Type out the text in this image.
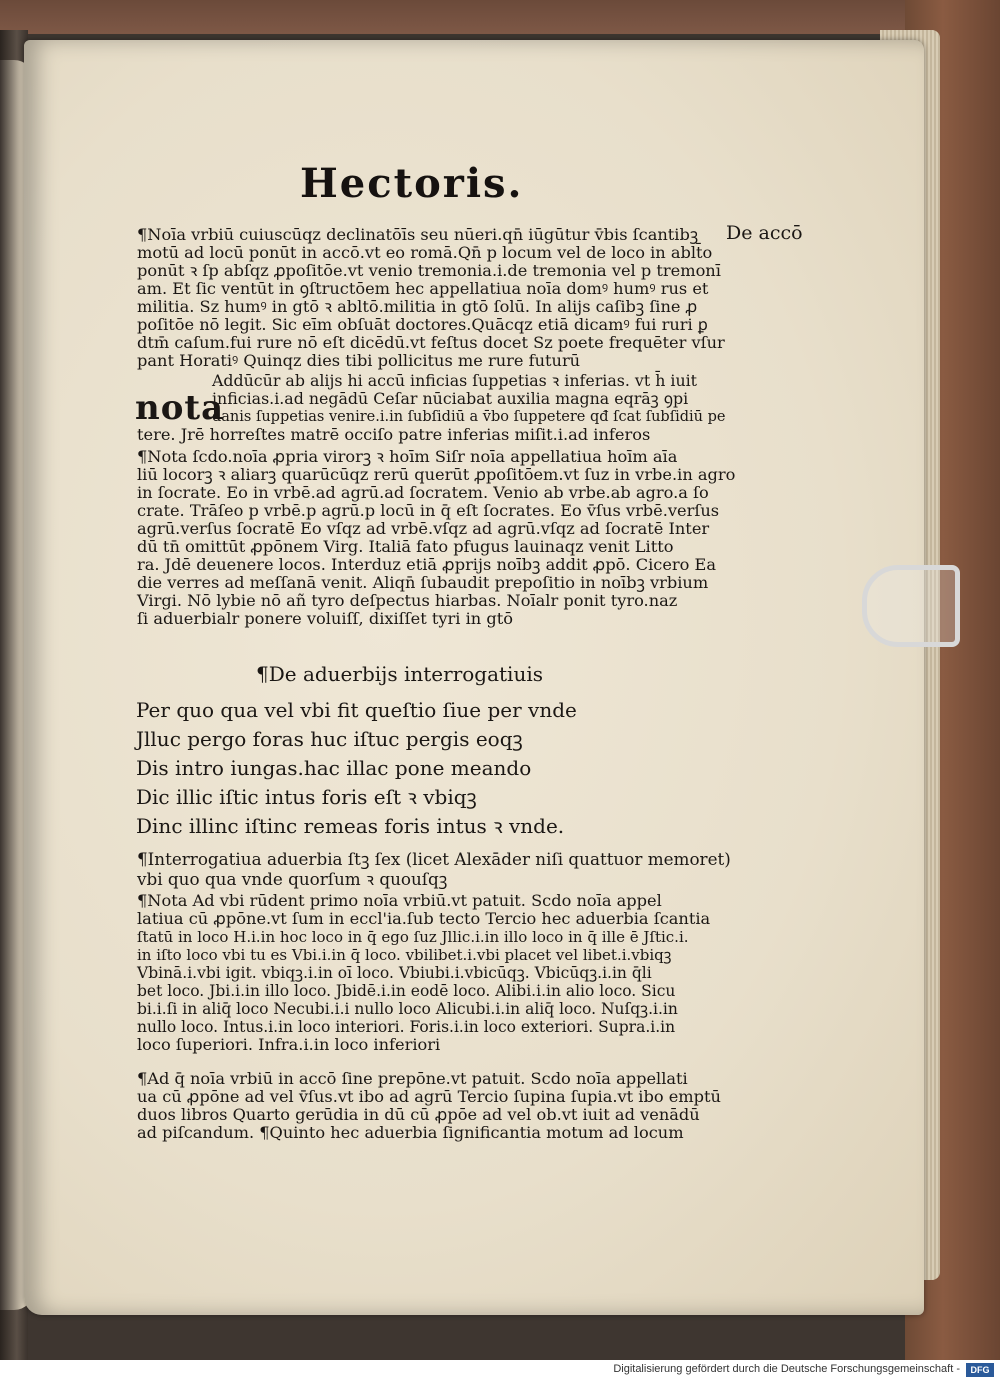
Hectoris.
De accō
¶Noīa vrbiū cuiuscūqz declinatōīs seu nūeri.qn̄ iūgūtur v̄bis ſcantibꝫ
motū ad locū ponūt in accō.vt eo romā.Qn̄ p locum vel de loco in ablt̄o
ponūt ꝛ ſp abſqz ꝓpoſitōe.vt venio tremonia.i.de tremonia vel p tremonī
am. Et ſic ventūt in ꝯſtructōem hec appellatiua noīa domꝰ humꝰ rus et
militia. Sz humꝰ in gtō ꝛ abltō.militia in gtō ſolū. In alijs caſibꝫ ſine ꝓ
poſitōe nō legit. Sic eīm obſuāt doctores.Quācqz etiā dicamꝰ fui ruri ꝑ
dtm̄ caſum.fui rure nō eſt dicēdū.vt feſtus docet Sz poete frequēter vſur
pant Horatiꝰ Quinqz dies tibi pollicitus me rure futurū
nota
Addūcūr ab alijs hi accū inficias ſuppetias ꝛ inferias. vt h̄ iuit
inficias.i.ad negādū Ceſar nūciabat auxilia magna eqrāꝫ ꝯpi
danis ſuppetias venire.i.in ſubſidiū a v̄bo ſuppetere qđ ſcat ſubſidiū pe
tere. Jrē horreſtes matrē occiſo patre inferias miſit.i.ad inferos
¶Nota ſcdo.noīa ꝓpria virorꝫ ꝛ hoīm Siſr noīa appellatiua hoīm aīa
liū locorꝫ ꝛ aliarꝫ quarūcūqz rerū querūt ꝓpoſitōem.vt ſuz in vrbe.in agro
in ſocrate. Eo in vrbē.ad agrū.ad ſocratem. Venio ab vrbe.ab agro.a ſo
crate. Trāſeo p vrbē.p agrū.p locū in q̄ eſt ſocrates. Eo v̄ſus vrbē.verſus
agrū.verſus ſocratē Eo vſqz ad vrbē.vſqz ad agrū.vſqz ad ſocratē Inter
dū tn̄ omittūt ꝓpōnem Virg. Italiā fato pfugus lauinaqz venit Litto
ra. Jdē deuenere locos. Interduz etiā ꝓprijs noībꝫ addit ꝓpō. Cicero Ea
die verres ad meſſanā venit. Aliqn̄ ſubaudit prepoſitio in noībꝫ vrbium
Virgi. Nō lybie nō añ tyro deſpectus hiarbas. Noīalr ponit tyro.naz
ſi aduerbialr ponere voluiſſ, dixiſſet tyri in gtō
¶De aduerbijs interrogatiuis
Per quo qua vel vbi fit queſtio ſiue per vnde
Jlluc pergo foras huc iſtuc pergis eoqꝫ
Dis intro iungas.hac illac pone meando
Dic illic iſtic intus foris eſt ꝛ vbiqꝫ
Dinc illinc iſtinc remeas foris intus ꝛ vnde.
¶Interrogatiua aduerbia ſtꝫ ſex (licet Alexāder niſi quattuor memoret)
vbi quo qua vnde quorſum ꝛ quouſqꝫ
¶Nota Ad vbi rūdent primo noīa vrbiū.vt patuit. Scdo noīa appel
latiua cū ꝓpōne.vt ſum in eccl'ia.ſub tecto Tercio hec aduerbia ſcantia
ſtatū in loco H.i.in hoc loco in q̄ ego ſuz Jllic.i.in illo loco in q̄ ille ē Jſtic.i.
in iſto loco vbi tu es Vbi.i.in q̄ loco. vbilibet.i.vbi placet vel libet.i.vbiqꝫ
Vbinā.i.vbi igit. vbiqꝫ.i.in oī loco. Vbiubi.i.vbicūqꝫ. Vbicūqꝫ.i.in q̄li
bet loco. Jbi.i.in illo loco. Jbidē.i.in eodē loco. Alibi.i.in alio loco. Sicu
bi.i.ſi in aliq̄ loco Necubi.i.i nullo loco Alicubi.i.in aliq̄ loco. Nuſqꝫ.i.in
nullo loco. Intus.i.in loco interiori. Foris.i.in loco exteriori. Supra.i.in
loco ſuperiori. Infra.i.in loco inferiori
¶Ad q̄ noīa vrbiū in accō ſine prepōne.vt patuit. Scdo noīa appellati
ua cū ꝓpōne ad vel v̄ſus.vt ibo ad agrū Tercio ſupina ſupia.vt ibo emptū
duos libros Quarto gerūdia in dū cū ꝓpōe ad vel ob.vt iuit ad venādū
ad piſcandum. ¶Quinto hec aduerbia ſignificantia motum ad locum
Digitalisierung gefördert durch die Deutsche Forschungsgemeinschaft -	DFG
